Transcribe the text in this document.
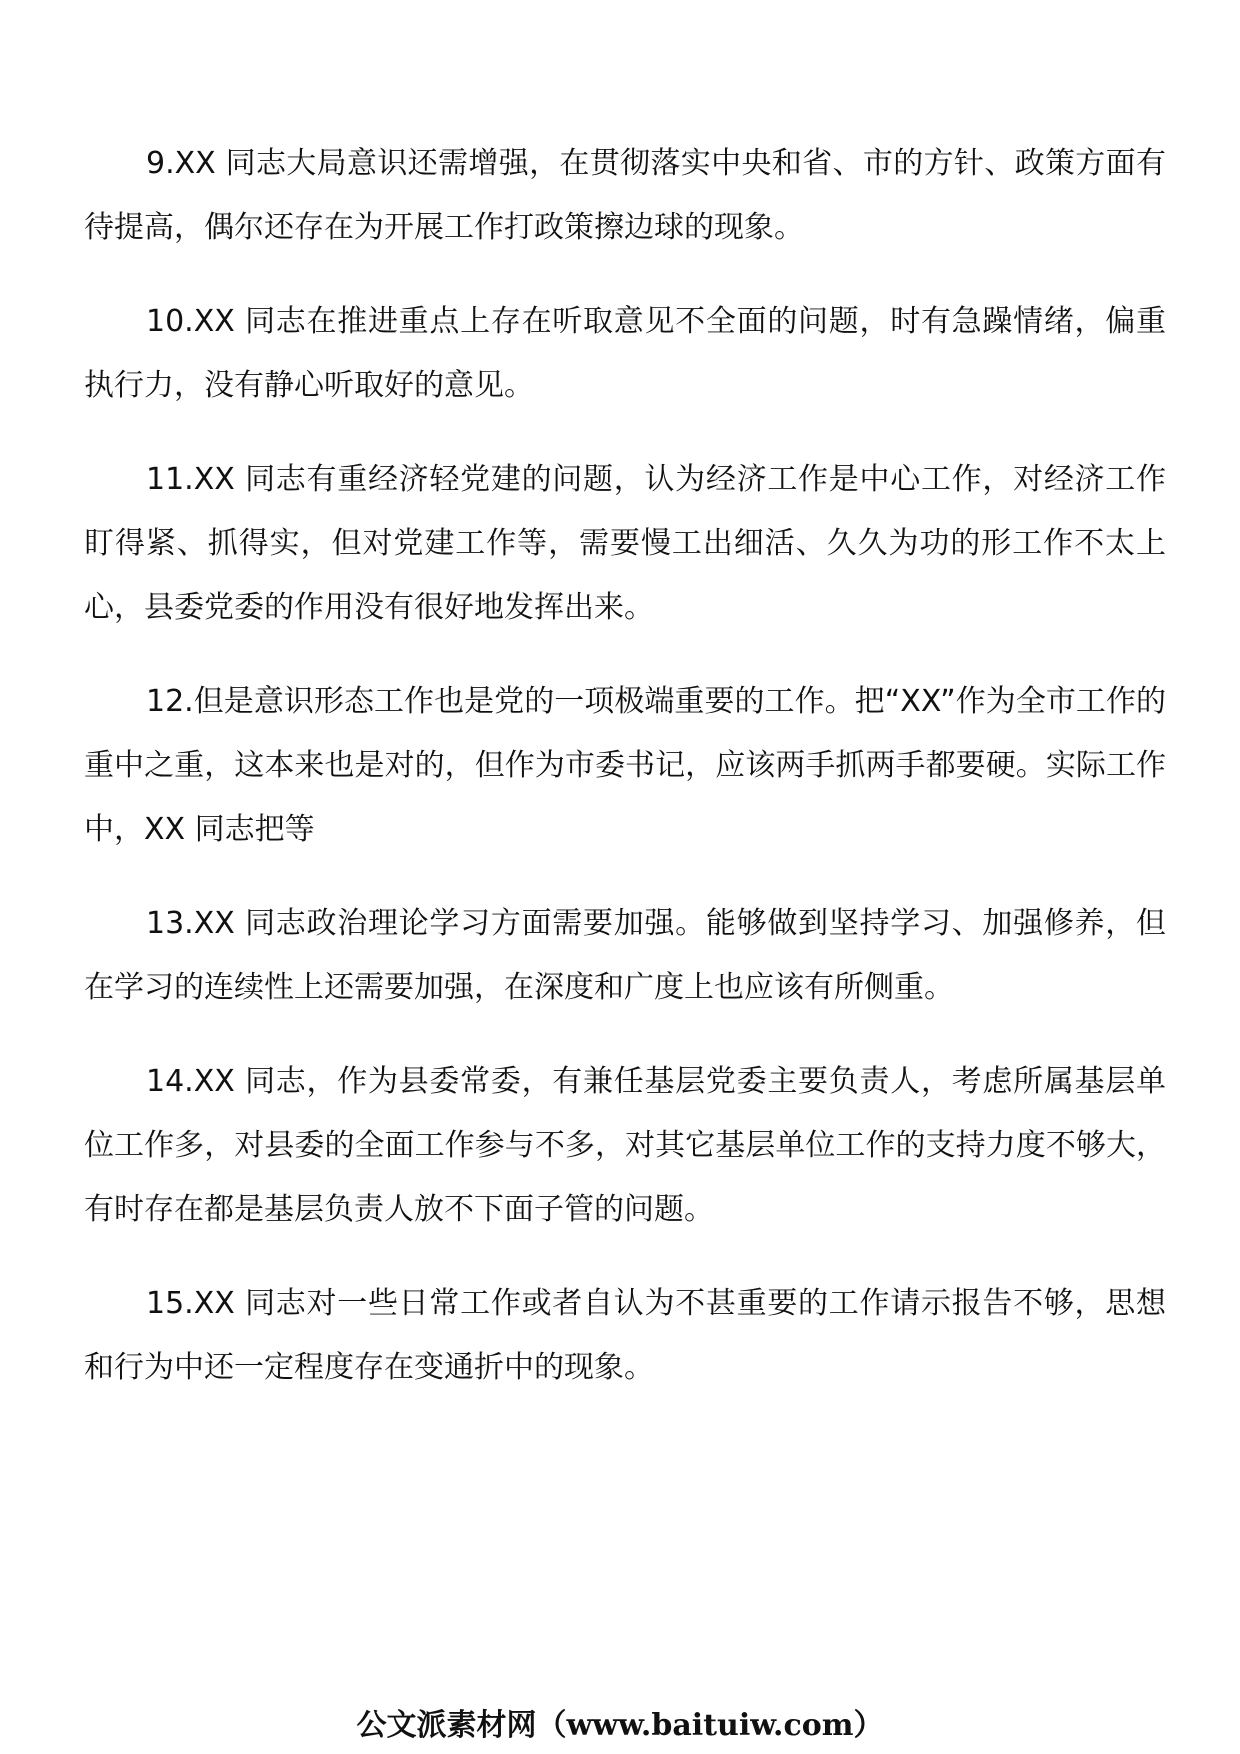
9.XX 同志大局意识还需增强，在贯彻落实中央和省、市的方针、政策方面有待提高，偶尔还存在为开展工作打政策擦边球的现象。

10.XX 同志在推进重点上存在听取意见不全面的问题，时有急躁情绪，偏重执行力，没有静心听取好的意见。

11.XX 同志有重经济轻党建的问题，认为经济工作是中心工作，对经济工作盯得紧、抓得实，但对党建工作等，需要慢工出细活、久久为功的形工作不太上心，县委党委的作用没有很好地发挥出来。

12.但是意识形态工作也是党的一项极端重要的工作。把“XX”作为全市工作的重中之重，这本来也是对的，但作为市委书记，应该两手抓两手都要硬。实际工作中，XX 同志把等

13.XX 同志政治理论学习方面需要加强。能够做到坚持学习、加强修养，但在学习的连续性上还需要加强，在深度和广度上也应该有所侧重。

14.XX 同志，作为县委常委，有兼任基层党委主要负责人，考虑所属基层单位工作多，对县委的全面工作参与不多，对其它基层单位工作的支持力度不够大，有时存在都是基层负责人放不下面子管的问题。

15.XX 同志对一些日常工作或者自认为不甚重要的工作请示报告不够，思想和行为中还一定程度存在变通折中的现象。

公文派素材网（www.baituiw.com）
